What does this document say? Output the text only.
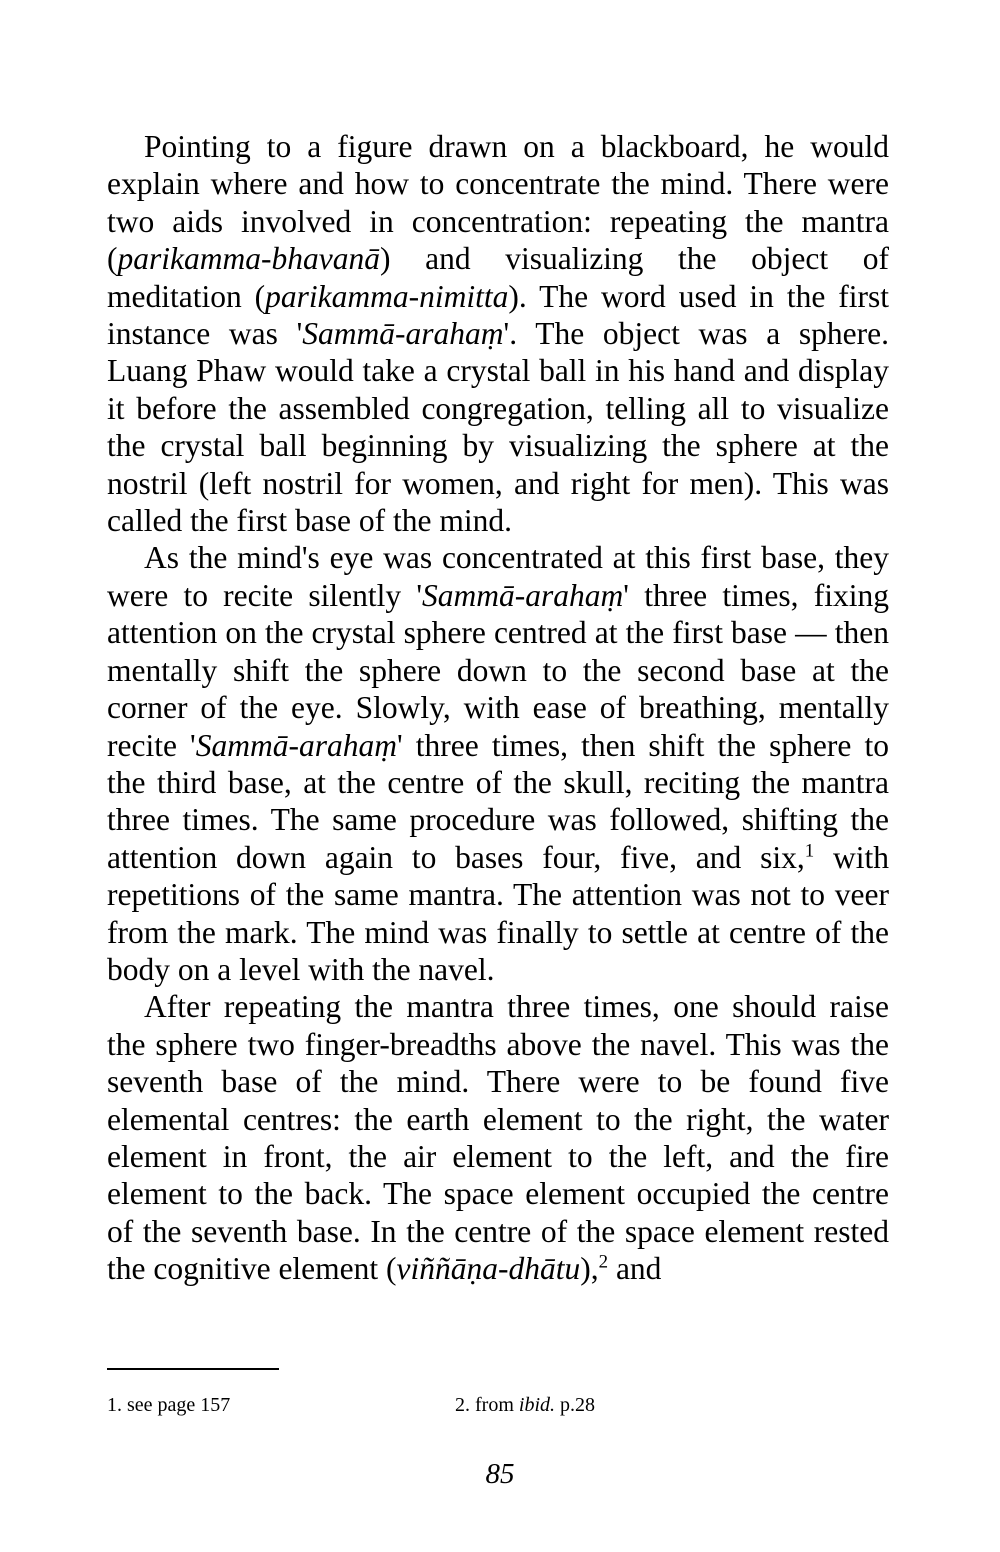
Pointing to a figure drawn on a blackboard, he would explain where and how to concentrate the mind. There were two aids involved in concentration: repeating the mantra (parikamma-bhavanā) and visualizing the object of meditation (parikamma-nimitta). The word used in the first instance was 'Sammā-arahaṃ'. The object was a sphere. Luang Phaw would take a crystal ball in his hand and display it before the assembled congregation, telling all to visualize the crystal ball beginning by visualizing the sphere at the nostril (left nostril for women, and right for men). This was called the first base of the mind.

As the mind's eye was concentrated at this first base, they were to recite silently 'Sammā-arahaṃ' three times, fixing attention on the crystal sphere centred at the first base — then mentally shift the sphere down to the second base at the corner of the eye. Slowly, with ease of breathing, mentally recite 'Sammā-arahaṃ' three times, then shift the sphere to the third base, at the centre of the skull, reciting the mantra three times. The same procedure was followed, shifting the attention down again to bases four, five, and six,$^1$ with repetitions of the same mantra. The attention was not to veer from the mark. The mind was finally to settle at centre of the body on a level with the navel.

After repeating the mantra three times, one should raise the sphere two finger-breadths above the navel. This was the seventh base of the mind. There were to be found five elemental centres: the earth element to the right, the water element in front, the air element to the left, and the fire element to the back. The space element occupied the centre of the seventh base. In the centre of the space element rested the cognitive element (viññāṇa-dhātu),$^2$ and

1. see page 157	2. from ibid. p.28
85
